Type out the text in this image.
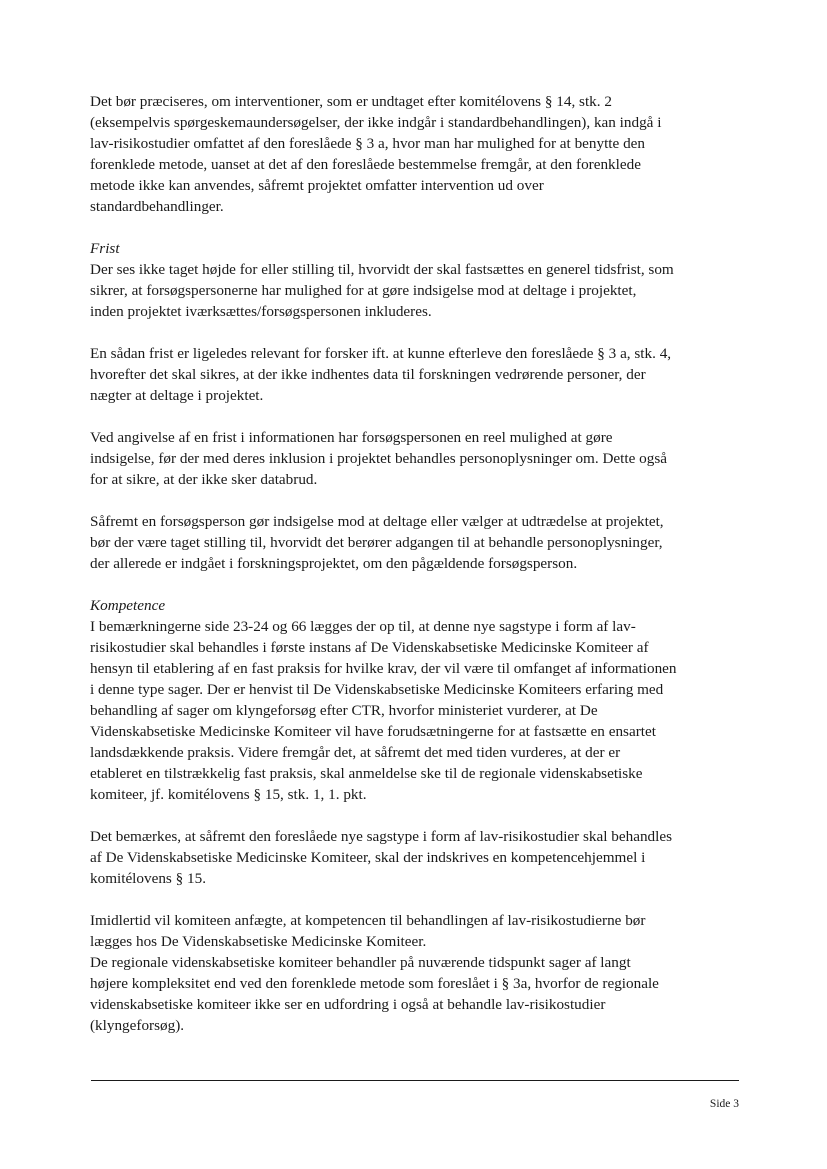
Det bør præciseres, om interventioner, som er undtaget efter komitélovens § 14, stk. 2
(eksempelvis spørgeskemaundersøgelser, der ikke indgår i standardbehandlingen), kan indgå i
lav-risikostudier omfattet af den foreslåede § 3 a, hvor man har mulighed for at benytte den
forenklede metode, uanset at det af den foreslåede bestemmelse fremgår, at den forenklede
metode ikke kan anvendes, såfremt projektet omfatter intervention ud over
standardbehandlinger.

Frist
Der ses ikke taget højde for eller stilling til, hvorvidt der skal fastsættes en generel tidsfrist, som
sikrer, at forsøgspersonerne har mulighed for at gøre indsigelse mod at deltage i projektet,
inden projektet iværksættes/forsøgspersonen inkluderes.

En sådan frist er ligeledes relevant for forsker ift. at kunne efterleve den foreslåede § 3 a, stk. 4,
hvorefter det skal sikres, at der ikke indhentes data til forskningen vedrørende personer, der
nægter at deltage i projektet.

Ved angivelse af en frist i informationen har forsøgspersonen en reel mulighed at gøre
indsigelse, før der med deres inklusion i projektet behandles personoplysninger om. Dette også
for at sikre, at der ikke sker databrud.

Såfremt en forsøgsperson gør indsigelse mod at deltage eller vælger at udtrædelse at projektet,
bør der være taget stilling til, hvorvidt det berører adgangen til at behandle personoplysninger,
der allerede er indgået i forskningsprojektet, om den pågældende forsøgsperson.

Kompetence
I bemærkningerne side 23-24 og 66 lægges der op til, at denne nye sagstype i form af lav-
risikostudier skal behandles i første instans af De Videnskabsetiske Medicinske Komiteer af
hensyn til etablering af en fast praksis for hvilke krav, der vil være til omfanget af informationen
i denne type sager. Der er henvist til De Videnskabsetiske Medicinske Komiteers erfaring med
behandling af sager om klyngeforsøg efter CTR, hvorfor ministeriet vurderer, at De
Videnskabsetiske Medicinske Komiteer vil have forudsætningerne for at fastsætte en ensartet
landsdækkende praksis. Videre fremgår det, at såfremt det med tiden vurderes, at der er
etableret en tilstrækkelig fast praksis, skal anmeldelse ske til de regionale videnskabsetiske
komiteer, jf. komitélovens § 15, stk. 1, 1. pkt.

Det bemærkes, at såfremt den foreslåede nye sagstype i form af lav-risikostudier skal behandles
af De Videnskabsetiske Medicinske Komiteer, skal der indskrives en kompetencehjemmel i
komitélovens § 15.

Imidlertid vil komiteen anfægte, at kompetencen til behandlingen af lav-risikostudierne bør
lægges hos De Videnskabsetiske Medicinske Komiteer.
De regionale videnskabsetiske komiteer behandler på nuværende tidspunkt sager af langt
højere kompleksitet end ved den forenklede metode som foreslået i § 3a, hvorfor de regionale
videnskabsetiske komiteer ikke ser en udfordring i også at behandle lav-risikostudier
(klyngeforsøg).

Side 3
